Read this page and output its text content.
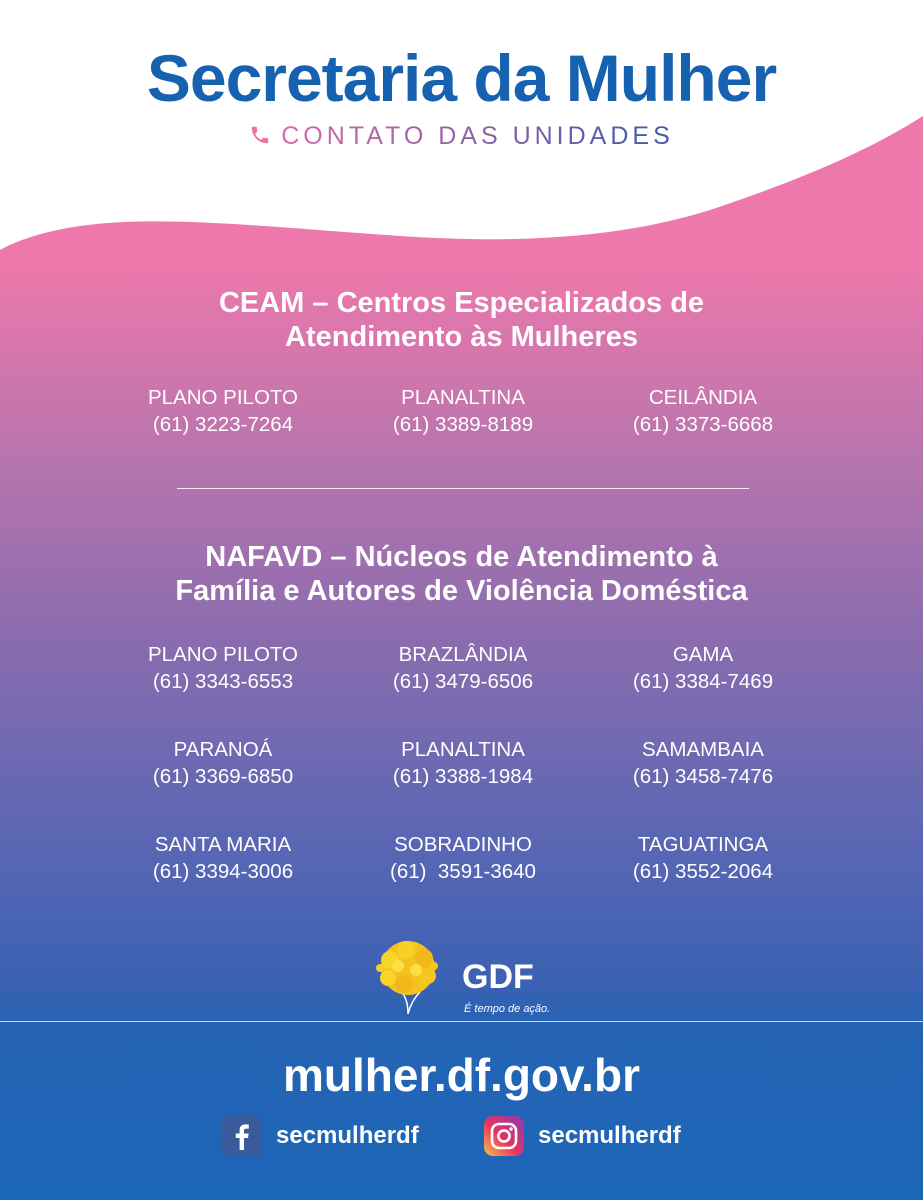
Secretaria da Mulher
CONTATO DAS UNIDADES
CEAM – Centros Especializados de
Atendimento às Mulheres
PLANO PILOTO
(61) 3223-7264
PLANALTINA
(61) 3389-8189
CEILÂNDIA
(61) 3373-6668
NAFAVD – Núcleos de Atendimento à
Família e Autores de Violência Doméstica
PLANO PILOTO
(61) 3343-6553
BRAZLÂNDIA
(61) 3479-6506
GAMA
(61) 3384-7469
PARANOÁ
(61) 3369-6850
PLANALTINA
(61) 3388-1984
SAMAMBAIA
(61) 3458-7476
SANTA MARIA
(61) 3394-3006
SOBRADINHO
(61)  3591-3640
TAGUATINGA
(61) 3552-2064
GDF
É tempo de ação.
mulher.df.gov.br
secmulherdf	secmulherdf
